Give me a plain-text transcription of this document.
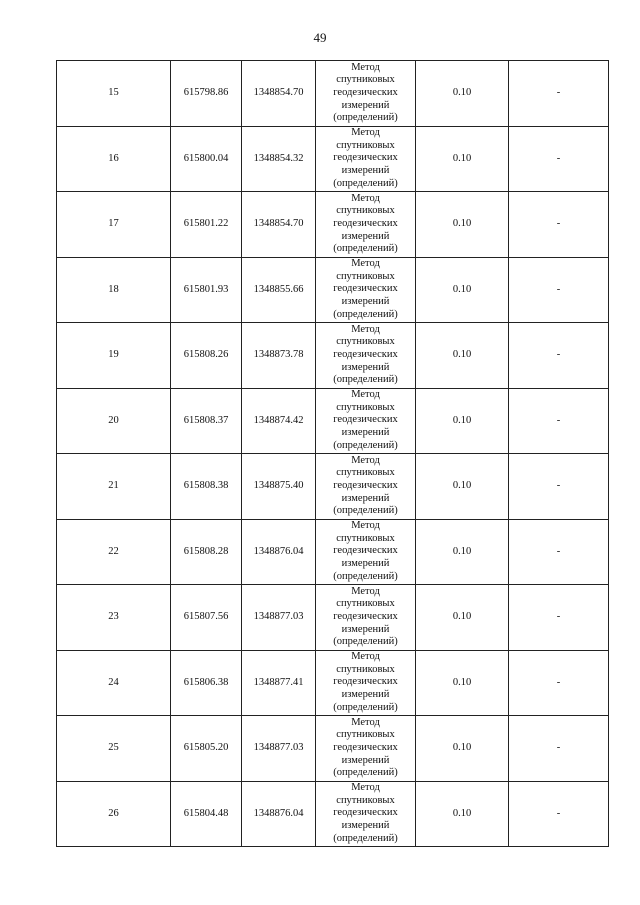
49
15	615798.86	1348854.70	Метод
спутниковых
геодезических
измерений
(определений)	0.10	-
16	615800.04	1348854.32	Метод
спутниковых
геодезических
измерений
(определений)	0.10	-
17	615801.22	1348854.70	Метод
спутниковых
геодезических
измерений
(определений)	0.10	-
18	615801.93	1348855.66	Метод
спутниковых
геодезических
измерений
(определений)	0.10	-
19	615808.26	1348873.78	Метод
спутниковых
геодезических
измерений
(определений)	0.10	-
20	615808.37	1348874.42	Метод
спутниковых
геодезических
измерений
(определений)	0.10	-
21	615808.38	1348875.40	Метод
спутниковых
геодезических
измерений
(определений)	0.10	-
22	615808.28	1348876.04	Метод
спутниковых
геодезических
измерений
(определений)	0.10	-
23	615807.56	1348877.03	Метод
спутниковых
геодезических
измерений
(определений)	0.10	-
24	615806.38	1348877.41	Метод
спутниковых
геодезических
измерений
(определений)	0.10	-
25	615805.20	1348877.03	Метод
спутниковых
геодезических
измерений
(определений)	0.10	-
26	615804.48	1348876.04	Метод
спутниковых
геодезических
измерений
(определений)	0.10	-
